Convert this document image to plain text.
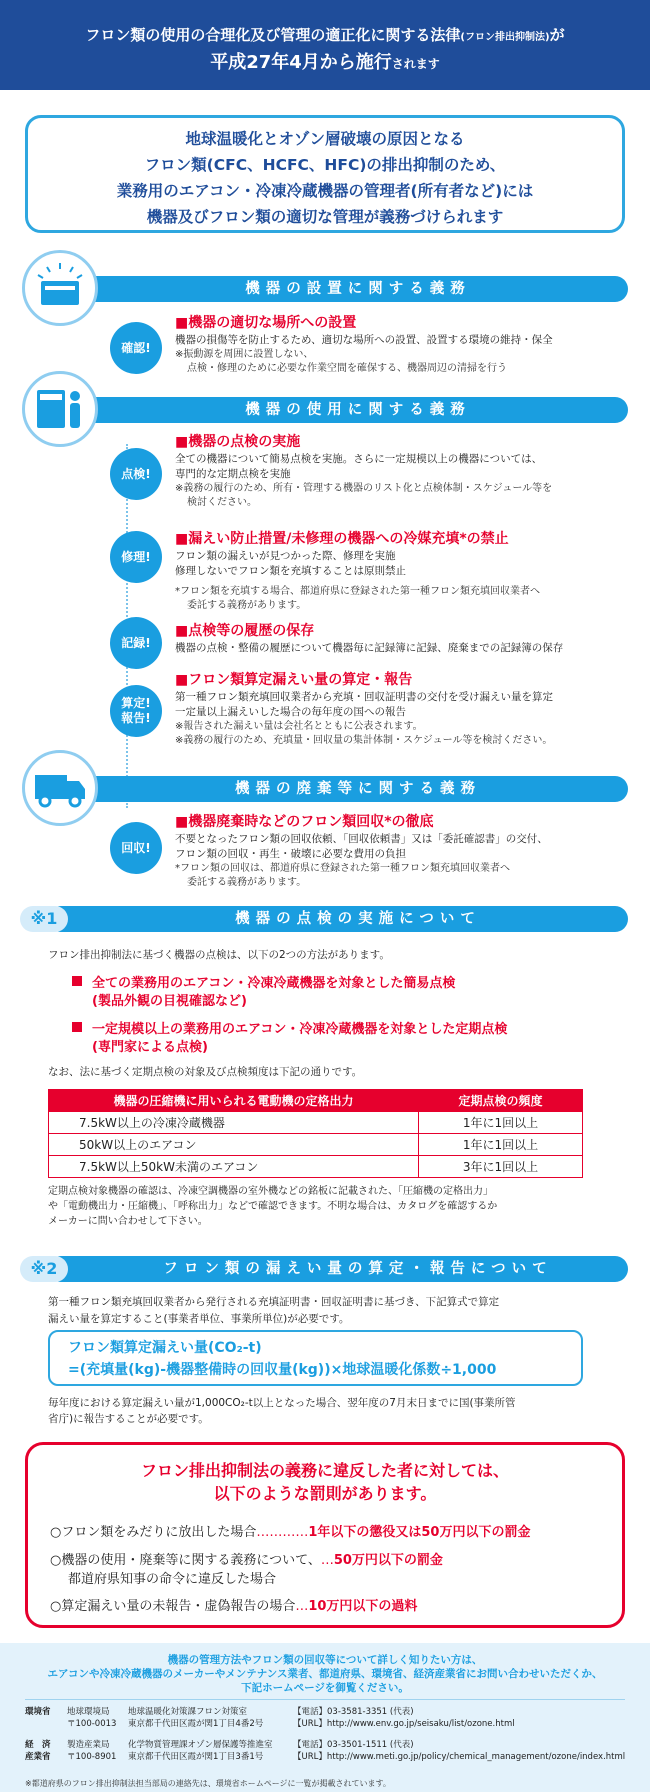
フロン類の使用の合理化及び管理の適正化に関する法律(フロン排出抑制法)が
平成27年4月から施行されます
地球温暖化とオゾン層破壊の原因となる
フロン類(CFC、HCFC、HFC)の排出抑制のため、
業務用のエアコン・冷凍冷蔵機器の管理者(所有者など)には
機器及びフロン類の適切な管理が義務づけられます
機器の設置に関する義務
確認!
■機器の適切な場所への設置
機器の損傷等を防止するため、適切な場所への設置、設置する環境の維持・保全
※振動源を周囲に設置しない、
点検・修理のために必要な作業空間を確保する、機器周辺の清掃を行う
機器の使用に関する義務
点検!
■機器の点検の実施
全ての機器について簡易点検を実施。さらに一定規模以上の機器については、
専門的な定期点検を実施
※義務の履行のため、所有・管理する機器のリスト化と点検体制・スケジュール等を
検討ください。
修理!
■漏えい防止措置/未修理の機器への冷媒充填*の禁止
フロン類の漏えいが見つかった際、修理を実施
修理しないでフロン類を充填することは原則禁止
*フロン類を充填する場合、都道府県に登録された第一種フロン類充填回収業者へ
委託する義務があります。
記録!
■点検等の履歴の保存
機器の点検・整備の履歴について機器毎に記録簿に記録、廃棄までの記録簿の保存
算定!
報告!
■フロン類算定漏えい量の算定・報告
第一種フロン類充填回収業者から充填・回収証明書の交付を受け漏えい量を算定
一定量以上漏えいした場合の毎年度の国への報告
※報告された漏えい量は会社名とともに公表されます。
※義務の履行のため、充填量・回収量の集計体制・スケジュール等を検討ください。
機器の廃棄等に関する義務
回収!
■機器廃棄時などのフロン類回収*の徹底
不要となったフロン類の回収依頼、「回収依頼書」又は「委託確認書」の交付、
フロン類の回収・再生・破壊に必要な費用の負担
*フロン類の回収は、都道府県に登録された第一種フロン類充填回収業者へ
委託する義務があります。
機器の点検の実施について
※1
フロン排出抑制法に基づく機器の点検は、以下の2つの方法があります。
全ての業務用のエアコン・冷凍冷蔵機器を対象とした簡易点検
(製品外観の目視確認など)
一定規模以上の業務用のエアコン・冷凍冷蔵機器を対象とした定期点検
(専門家による点検)
なお、法に基づく定期点検の対象及び点検頻度は下記の通りです。
機器の圧縮機に用いられる電動機の定格出力	定期点検の頻度
7.5kW以上の冷凍冷蔵機器	1年に1回以上
50kW以上のエアコン	1年に1回以上
7.5kW以上50kW未満のエアコン	3年に1回以上
定期点検対象機器の確認は、冷凍空調機器の室外機などの銘板に記載された、「圧縮機の定格出力」
や「電動機出力・圧縮機」、「呼称出力」などで確認できます。不明な場合は、カタログを確認するか
メーカーに問い合わせして下さい。
フロン類の漏えい量の算定・報告について
※2
第一種フロン類充填回収業者から発行される充填証明書・回収証明書に基づき、下記算式で算定
漏えい量を算定すること(事業者単位、事業所単位)が必要です。
フロン類算定漏えい量(CO₂-t)
=(充填量(kg)-機器整備時の回収量(kg))×地球温暖化係数÷1,000
毎年度における算定漏えい量が1,000CO₂-t以上となった場合、翌年度の7月末日までに国(事業所管
省庁)に報告することが必要です。
フロン排出抑制法の義務に違反した者に対しては、
以下のような罰則があります。
○フロン類をみだりに放出した場合…………1年以下の懲役又は50万円以下の罰金
○機器の使用・廃棄等に関する義務について、…50万円以下の罰金
都道府県知事の命令に違反した場合
○算定漏えい量の未報告・虚偽報告の場合…10万円以下の過料
機器の管理方法やフロン類の回収等について詳しく知りたい方は、
エアコンや冷凍冷蔵機器のメーカーやメンテナンス業者、都道府県、環境省、経済産業省にお問い合わせいただくか、
下記ホームページを御覧ください。
環境省 地球環境局 地球温暖化対策課フロン対策室
〒100-0013 東京都千代田区霞が関1丁目4番2号
【電話】03-3581-3351 (代表)
【URL】http://www.env.go.jp/seisaku/list/ozone.html
経　済
産業省
製造産業局 化学物質管理課オゾン層保護等推進室
〒100-8901 東京都千代田区霞が関1丁目3番1号
【電話】03-3501-1511 (代表)
【URL】http://www.meti.go.jp/policy/chemical_management/ozone/index.html
※都道府県のフロン排出抑制法担当部局の連絡先は、環境省ホームページに一覧が掲載されています。
